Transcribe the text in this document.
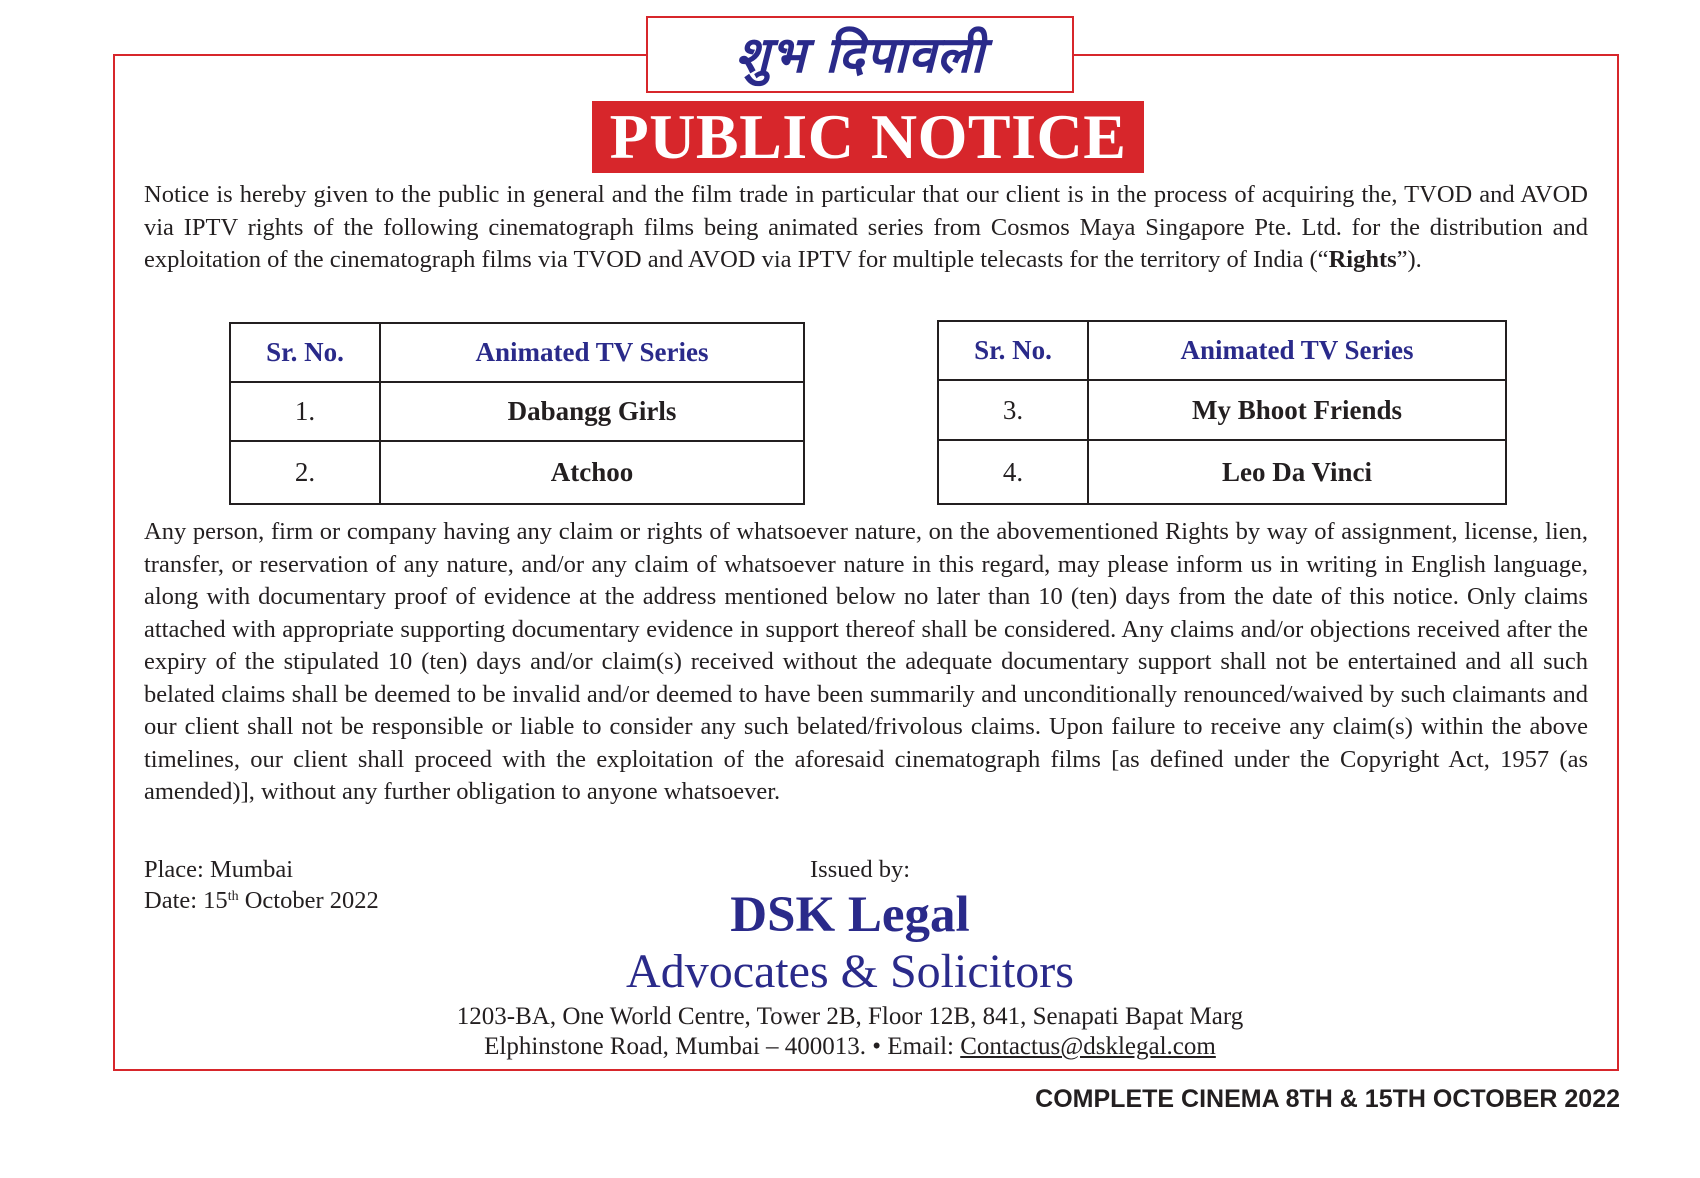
शुभ दिपावली
PUBLIC NOTICE

Notice is hereby given to the public in general and the film trade in particular that our client is in the process of acquiring the, TVOD and AVOD via IPTV rights of the following cinematograph films being animated series from Cosmos Maya Singapore Pte. Ltd. for the distribution and exploitation of the cinematograph films via TVOD and AVOD via IPTV for multiple telecasts for the territory of India (“Rights”).

Sr. No.	Animated TV Series
1.	Dabangg Girls
2.	Atchoo
Sr. No.	Animated TV Series
3.	My Bhoot Friends
4.	Leo Da Vinci

Any person, firm or company having any claim or rights of whatsoever nature, on the abovementioned Rights by way of assignment, license, lien, transfer, or reservation of any nature, and/or any claim of whatsoever nature in this regard, may please inform us in writing in English language, along with documentary proof of evidence at the address mentioned below no later than 10 (ten) days from the date of this notice. Only claims attached with appropriate supporting documentary evidence in support thereof shall be considered. Any claims and/or objections received after the expiry of the stipulated 10 (ten) days and/or claim(s) received without the adequate documentary support shall not be entertained and all such belated claims shall be deemed to be invalid and/or deemed to have been summarily and unconditionally renounced/waived by such claimants and our client shall not be responsible or liable to consider any such belated/frivolous claims. Upon failure to receive any claim(s) within the above timelines, our client shall proceed with the exploitation of the aforesaid cinematograph films [as defined under the Copyright Act, 1957 (as amended)], without any further obligation to anyone whatsoever.

Place: Mumbai
Date: 15th October 2022
Issued by:
DSK Legal
Advocates & Solicitors
1203-BA, One World Centre, Tower 2B, Floor 12B, 841, Senapati Bapat Marg
Elphinstone Road, Mumbai – 400013. • Email: Contactus@dsklegal.com
COMPLETE CINEMA 8TH & 15TH OCTOBER 2022
